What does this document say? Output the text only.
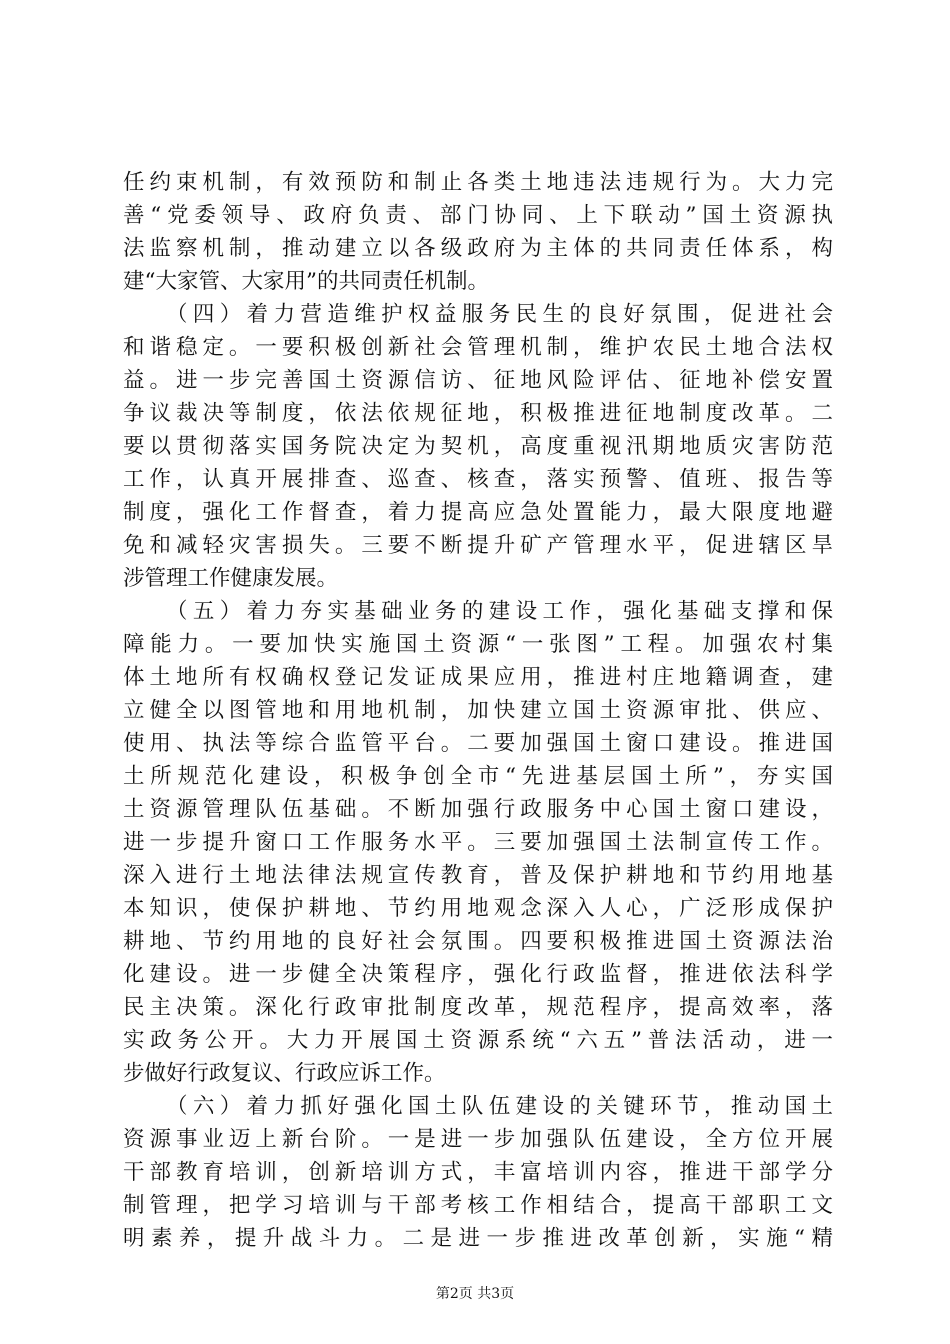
任约束机制，有效预防和制止各类土地违法违规行为。大力完
善“党委领导、政府负责、部门协同、上下联动”国土资源执
法监察机制，推动建立以各级政府为主体的共同责任体系，构
建“大家管、大家用”的共同责任机制。
（四）着力营造维护权益服务民生的良好氛围，促进社会
和谐稳定。一要积极创新社会管理机制，维护农民土地合法权
益。进一步完善国土资源信访、征地风险评估、征地补偿安置
争议裁决等制度，依法依规征地，积极推进征地制度改革。二
要以贯彻落实国务院决定为契机，高度重视汛期地质灾害防范
工作，认真开展排查、巡查、核查，落实预警、值班、报告等
制度，强化工作督查，着力提高应急处置能力，最大限度地避
免和减轻灾害损失。三要不断提升矿产管理水平，促进辖区旱
涉管理工作健康发展。
（五）着力夯实基础业务的建设工作，强化基础支撑和保
障能力。一要加快实施国土资源“一张图”工程。加强农村集
体土地所有权确权登记发证成果应用，推进村庄地籍调查，建
立健全以图管地和用地机制，加快建立国土资源审批、供应、
使用、执法等综合监管平台。二要加强国土窗口建设。推进国
土所规范化建设，积极争创全市“先进基层国土所”，夯实国
土资源管理队伍基础。不断加强行政服务中心国土窗口建设，
进一步提升窗口工作服务水平。三要加强国土法制宣传工作。
深入进行土地法律法规宣传教育，普及保护耕地和节约用地基
本知识，使保护耕地、节约用地观念深入人心，广泛形成保护
耕地、节约用地的良好社会氛围。四要积极推进国土资源法治
化建设。进一步健全决策程序，强化行政监督，推进依法科学
民主决策。深化行政审批制度改革，规范程序，提高效率，落
实政务公开。大力开展国土资源系统“六五”普法活动，进一
步做好行政复议、行政应诉工作。
（六）着力抓好强化国土队伍建设的关键环节，推动国土
资源事业迈上新台阶。一是进一步加强队伍建设，全方位开展
干部教育培训，创新培训方式，丰富培训内容，推进干部学分
制管理，把学习培训与干部考核工作相结合，提高干部职工文
明素养，提升战斗力。二是进一步推进改革创新，实施“精
第2页 共3页
